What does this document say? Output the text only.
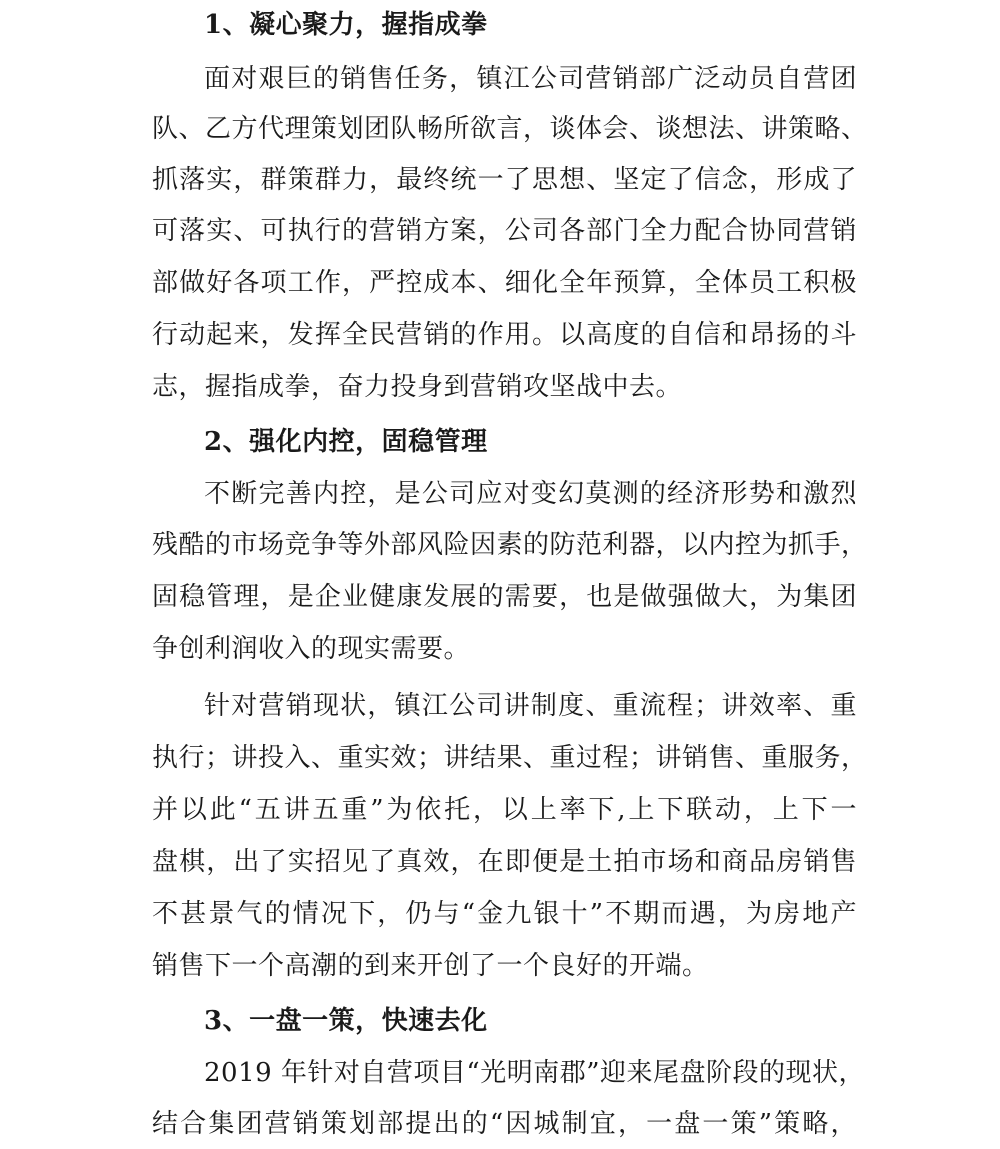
1、凝心聚力，握指成拳
面对艰巨的销售任务，镇江公司营销部广泛动员自营团
队、乙方代理策划团队畅所欲言，谈体会、谈想法、讲策略、
抓落实，群策群力，最终统一了思想、坚定了信念，形成了
可落实、可执行的营销方案，公司各部门全力配合协同营销
部做好各项工作，严控成本、细化全年预算，全体员工积极
行动起来，发挥全民营销的作用。以高度的自信和昂扬的斗
志，握指成拳，奋力投身到营销攻坚战中去。
2、强化内控，固稳管理
不断完善内控，是公司应对变幻莫测的经济形势和激烈
残酷的市场竞争等外部风险因素的防范利器，以内控为抓手，
固稳管理，是企业健康发展的需要，也是做强做大，为集团
争创利润收入的现实需要。
针对营销现状，镇江公司讲制度、重流程；讲效率、重
执行；讲投入、重实效；讲结果、重过程；讲销售、重服务，
并以此“五讲五重”为依托，以上率下,上下联动，上下一
盘棋，出了实招见了真效，在即便是土拍市场和商品房销售
不甚景气的情况下，仍与“金九银十”不期而遇，为房地产
销售下一个高潮的到来开创了一个良好的开端。
3、一盘一策，快速去化
2019 年针对自营项目“光明南郡”迎来尾盘阶段的现状，
结合集团营销策划部提出的“因城制宜，一盘一策”策略，
